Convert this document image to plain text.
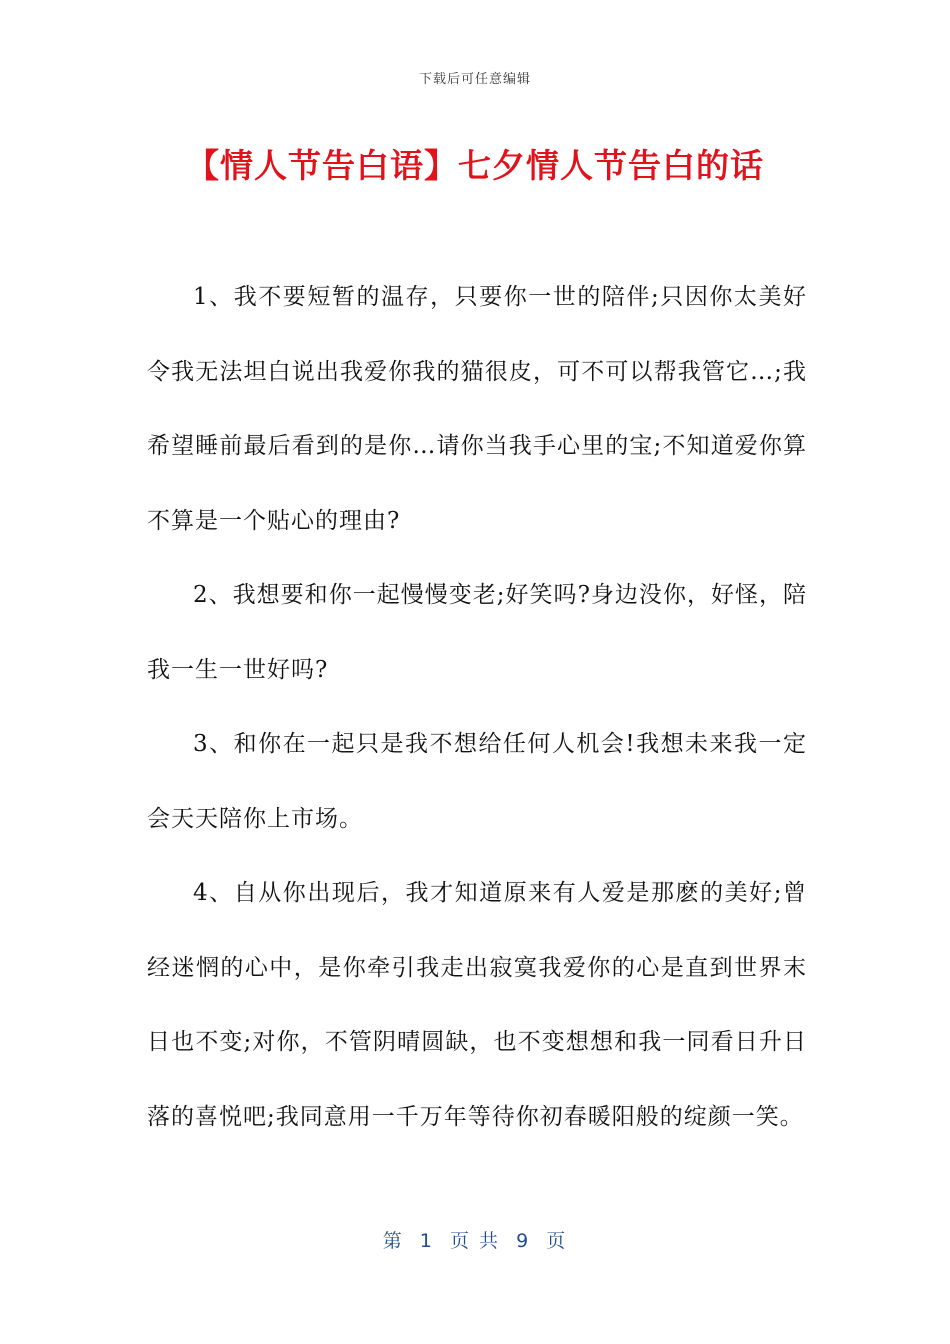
下载后可任意编辑
【情人节告白语】七夕情人节告白的话

1、我不要短暂的温存，只要你一世的陪伴;只因你太美好令我无法坦白说出我爱你我的猫很皮，可不可以帮我管它…;我希望睡前最后看到的是你…请你当我手心里的宝;不知道爱你算不算是一个贴心的理由?

2、我想要和你一起慢慢变老;好笑吗?身边没你，好怪，陪我一生一世好吗?

3、和你在一起只是我不想给任何人机会!我想未来我一定会天天陪你上市场。

4、自从你出现后，我才知道原来有人爱是那麽的美好;曾经迷惘的心中，是你牵引我走出寂寞我爱你的心是直到世界末日也不变;对你，不管阴晴圆缺，也不变想想和我一同看日升日落的喜悦吧;我同意用一千万年等待你初春暖阳般的绽颜一笑。

第  1  页 共  9  页
